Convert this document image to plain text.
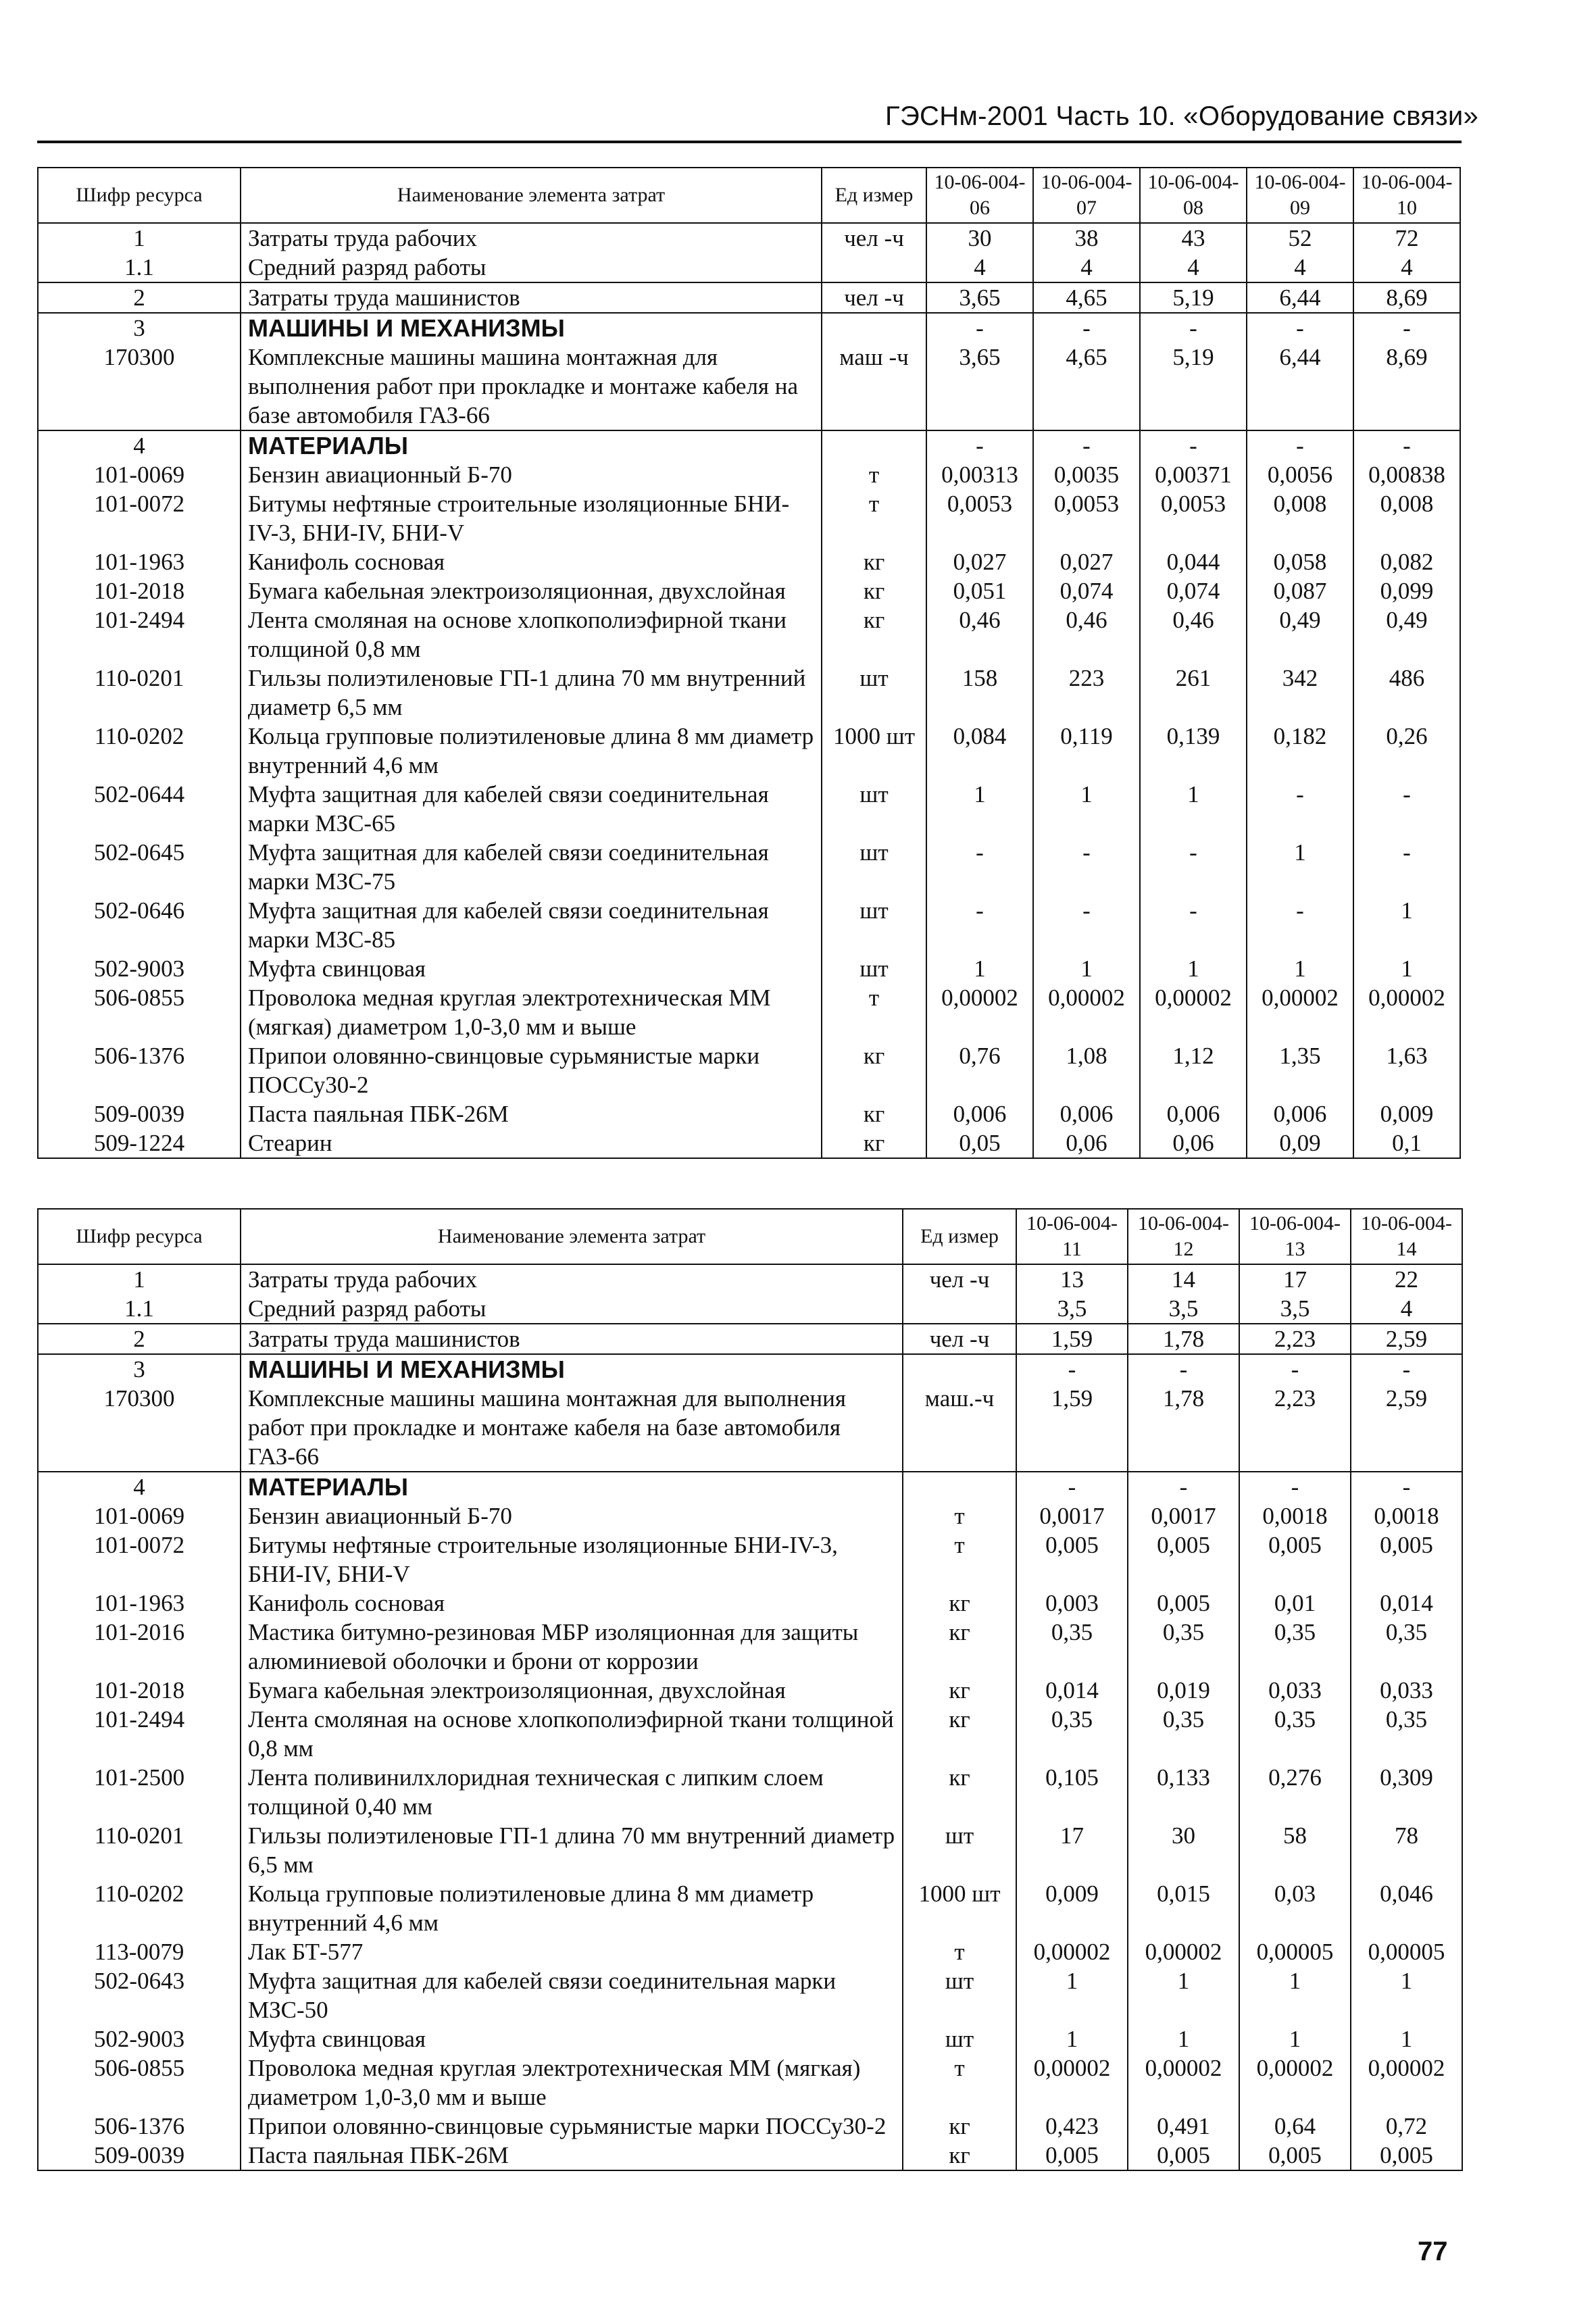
ГЭСНм-2001 Часть 10. «Оборудование связи»
Шифр ресурса	Наименование элемента затрат	Ед измер	10-06-004-06	10-06-004-07	10-06-004-08	10-06-004-09	10-06-004-10
1	Затраты труда рабочих	чел -ч	30	38	43	52	72
1.1	Средний разряд работы		4	4	4	4	4
2	Затраты труда машинистов	чел -ч	3,65	4,65	5,19	6,44	8,69
3	МАШИНЫ И МЕХАНИЗМЫ		-	-	-	-	-
170300	Комплексные машины машина монтажная для выполнения работ при прокладке и монтаже кабеля на базе автомобиля ГАЗ-66	маш -ч	3,65	4,65	5,19	6,44	8,69
4	МАТЕРИАЛЫ		-	-	-	-	-
101-0069	Бензин авиационный Б-70	т	0,00313	0,0035	0,00371	0,0056	0,00838
101-0072	Битумы нефтяные строительные изоляционные БНИ-IV-3, БНИ-IV, БНИ-V	т	0,0053	0,0053	0,0053	0,008	0,008
101-1963	Канифоль сосновая	кг	0,027	0,027	0,044	0,058	0,082
101-2018	Бумага кабельная электроизоляционная, двухслойная	кг	0,051	0,074	0,074	0,087	0,099
101-2494	Лента смоляная на основе хлопкополиэфирной ткани толщиной 0,8 мм	кг	0,46	0,46	0,46	0,49	0,49
110-0201	Гильзы полиэтиленовые ГП-1 длина 70 мм внутренний диаметр 6,5 мм	шт	158	223	261	342	486
110-0202	Кольца групповые полиэтиленовые длина 8 мм диаметр внутренний 4,6 мм	1000 шт	0,084	0,119	0,139	0,182	0,26
502-0644	Муфта защитная для кабелей связи соединительная марки МЗС-65	шт	1	1	1	-	-
502-0645	Муфта защитная для кабелей связи соединительная марки МЗС-75	шт	-	-	-	1	-
502-0646	Муфта защитная для кабелей связи соединительная марки МЗС-85	шт	-	-	-	-	1
502-9003	Муфта свинцовая	шт	1	1	1	1	1
506-0855	Проволока медная круглая электротехническая ММ (мягкая) диаметром 1,0-3,0 мм и выше	т	0,00002	0,00002	0,00002	0,00002	0,00002
506-1376	Припои оловянно-свинцовые сурьмянистые марки ПОССу30-2	кг	0,76	1,08	1,12	1,35	1,63
509-0039	Паста паяльная ПБК-26М	кг	0,006	0,006	0,006	0,006	0,009
509-1224	Стеарин	кг	0,05	0,06	0,06	0,09	0,1
Шифр ресурса	Наименование элемента затрат	Ед измер	10-06-004-11	10-06-004-12	10-06-004-13	10-06-004-14
1	Затраты труда рабочих	чел -ч	13	14	17	22
1.1	Средний разряд работы		3,5	3,5	3,5	4
2	Затраты труда машинистов	чел -ч	1,59	1,78	2,23	2,59
3	МАШИНЫ И МЕХАНИЗМЫ		-	-	-	-
170300	Комплексные машины машина монтажная для выполнения работ при прокладке и монтаже кабеля на базе автомобиля ГАЗ-66	маш.-ч	1,59	1,78	2,23	2,59
4	МАТЕРИАЛЫ		-	-	-	-
101-0069	Бензин авиационный Б-70	т	0,0017	0,0017	0,0018	0,0018
101-0072	Битумы нефтяные строительные изоляционные БНИ-IV-3, БНИ-IV, БНИ-V	т	0,005	0,005	0,005	0,005
101-1963	Канифоль сосновая	кг	0,003	0,005	0,01	0,014
101-2016	Мастика битумно-резиновая МБР изоляционная для защиты алюминиевой оболочки и брони от коррозии	кг	0,35	0,35	0,35	0,35
101-2018	Бумага кабельная электроизоляционная, двухслойная	кг	0,014	0,019	0,033	0,033
101-2494	Лента смоляная на основе хлопкополиэфирной ткани толщиной 0,8 мм	кг	0,35	0,35	0,35	0,35
101-2500	Лента поливинилхлоридная техническая с липким слоем толщиной 0,40 мм	кг	0,105	0,133	0,276	0,309
110-0201	Гильзы полиэтиленовые ГП-1 длина 70 мм внутренний диаметр 6,5 мм	шт	17	30	58	78
110-0202	Кольца групповые полиэтиленовые длина 8 мм диаметр внутренний 4,6 мм	1000 шт	0,009	0,015	0,03	0,046
113-0079	Лак БТ-577	т	0,00002	0,00002	0,00005	0,00005
502-0643	Муфта защитная для кабелей связи соединительная марки МЗС-50	шт	1	1	1	1
502-9003	Муфта свинцовая	шт	1	1	1	1
506-0855	Проволока медная круглая электротехническая ММ (мягкая) диаметром 1,0-3,0 мм и выше	т	0,00002	0,00002	0,00002	0,00002
506-1376	Припои оловянно-свинцовые сурьмянистые марки ПОССу30-2	кг	0,423	0,491	0,64	0,72
509-0039	Паста паяльная ПБК-26М	кг	0,005	0,005	0,005	0,005
77
